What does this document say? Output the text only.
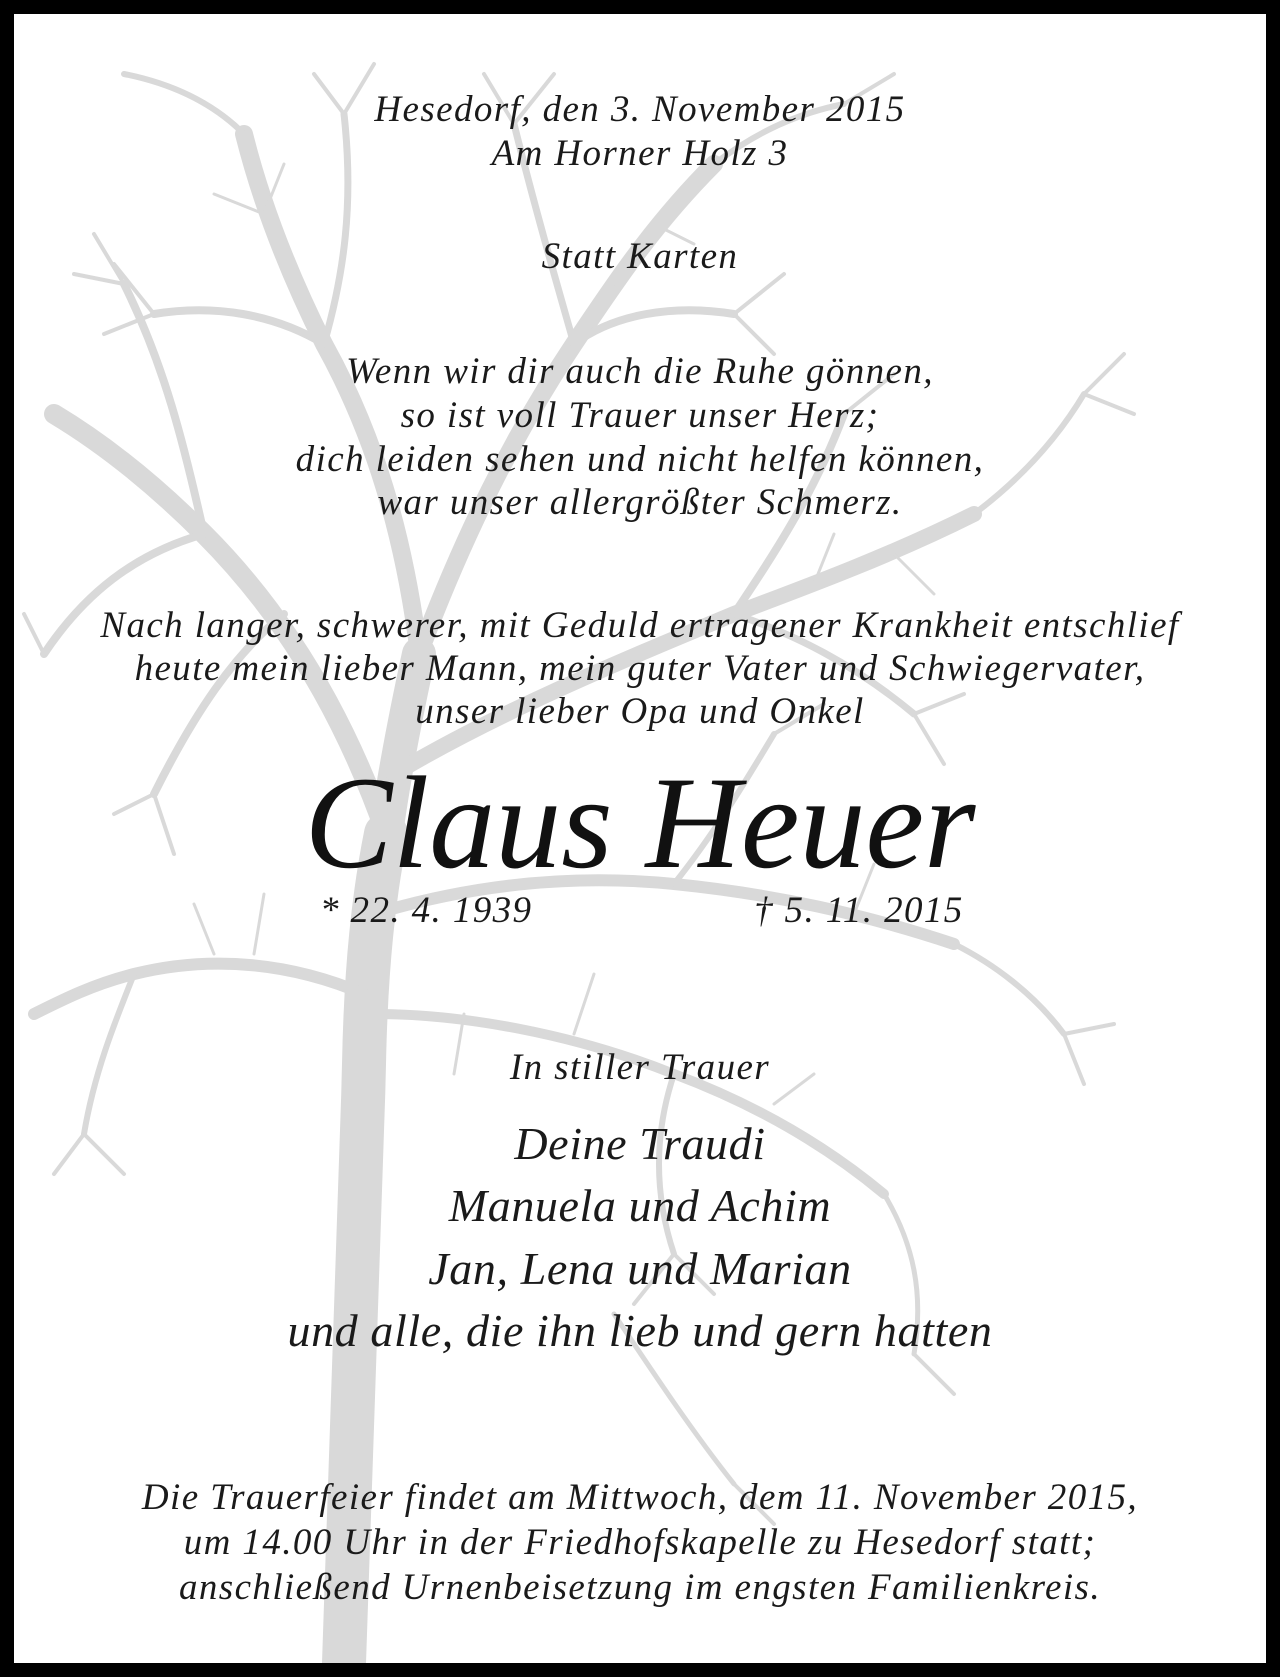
Hesedorf, den 3. November 2015
Am Horner Holz 3
Statt Karten
Wenn wir dir auch die Ruhe gönnen,
so ist voll Trauer unser Herz;
dich leiden sehen und nicht helfen können,
war unser allergrößter Schmerz.
Nach langer, schwerer, mit Geduld ertragener Krankheit entschlief
heute mein lieber Mann, mein guter Vater und Schwiegervater,
unser lieber Opa und Onkel
Claus Heuer
* 22. 4. 1939	† 5. 11. 2015
In stiller Trauer
Deine Traudi
Manuela und Achim
Jan, Lena und Marian
und alle, die ihn lieb und gern hatten
Die Trauerfeier findet am Mittwoch, dem 11. November 2015,
um 14.00 Uhr in der Friedhofskapelle zu Hesedorf statt;
anschließend Urnenbeisetzung im engsten Familienkreis.
